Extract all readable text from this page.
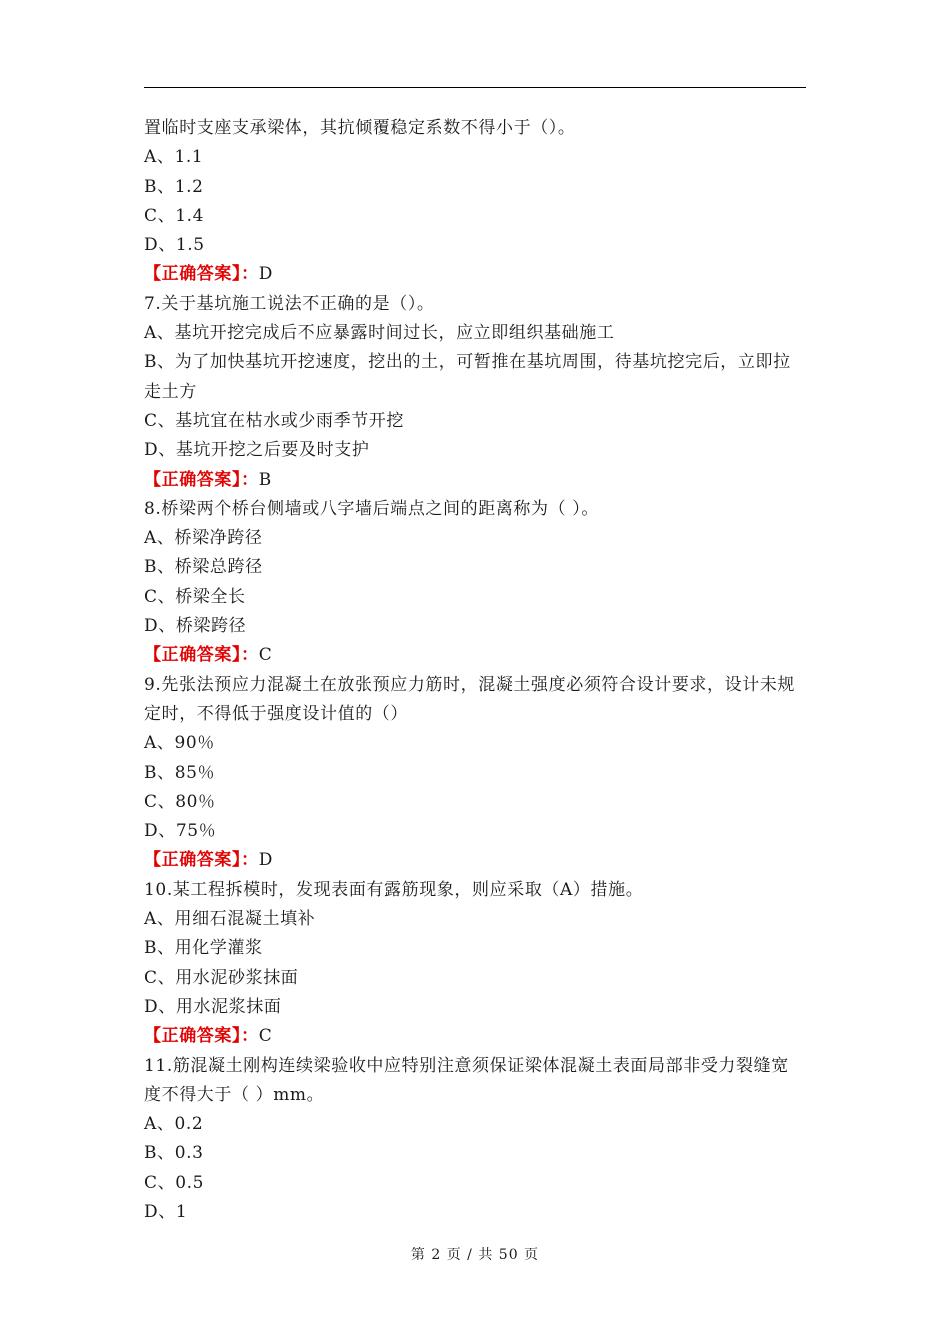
置临时支座支承梁体，其抗倾覆稳定系数不得小于（）。
A、1.1
B、1.2
C、1.4
D、1.5
【正确答案】：D
7.关于基坑施工说法不正确的是（）。
A、基坑开挖完成后不应暴露时间过长，应立即组织基础施工
B、为了加快基坑开挖速度，挖出的土，可暂推在基坑周围，待基坑挖完后，立即拉走土方
C、基坑宜在枯水或少雨季节开挖
D、基坑开挖之后要及时支护
【正确答案】：B
8.桥梁两个桥台侧墙或八字墙后端点之间的距离称为（ ）。
A、桥梁净跨径
B、桥梁总跨径
C、桥梁全长
D、桥梁跨径
【正确答案】：C
9.先张法预应力混凝土在放张预应力筋时，混凝土强度必须符合设计要求，设计未规定时，不得低于强度设计值的（）
A、90％
B、85％
C、80％
D、75％
【正确答案】：D
10.某工程拆模时，发现表面有露筋现象，则应采取（A）措施。
A、用细石混凝土填补
B、用化学灌浆
C、用水泥砂浆抹面
D、用水泥浆抹面
【正确答案】：C
11.筋混凝土刚构连续梁验收中应特别注意须保证梁体混凝土表面局部非受力裂缝宽度不得大于（ ）mm。
A、0.2
B、0.3
C、0.5
D、1
第 2 页 / 共 50 页
